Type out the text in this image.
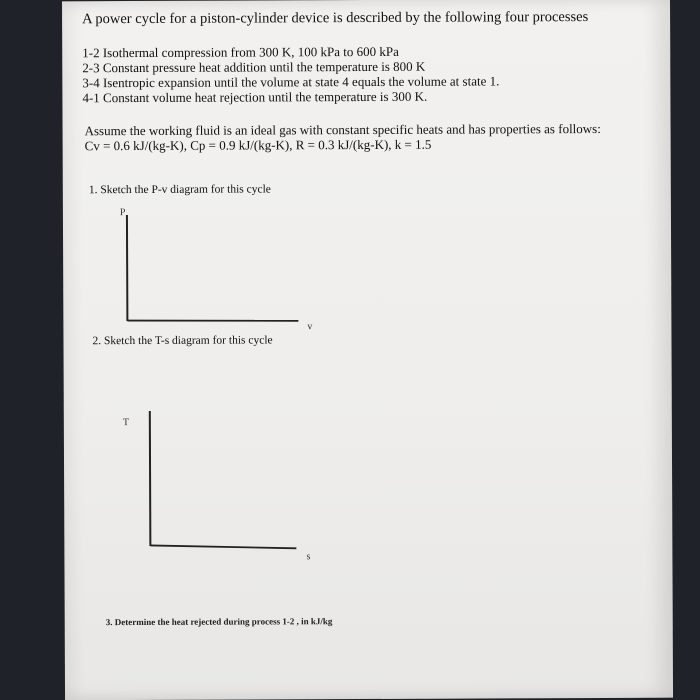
A power cycle for a piston-cylinder device is described by the following four processes
1-2 Isothermal compression from 300 K, 100 kPa to 600 kPa
2-3 Constant pressure heat addition until the temperature is 800 K
3-4 Isentropic expansion until the volume at state 4 equals the volume at state 1.
4-1 Constant volume heat rejection until the temperature is 300 K.
Assume the working fluid is an ideal gas with constant specific heats and has properties as follows:
Cv = 0.6 kJ/(kg-K), Cp = 0.9 kJ/(kg-K), R = 0.3 kJ/(kg-K), k = 1.5
1. Sketch the P-v diagram for this cycle
P
v
2. Sketch the T-s diagram for this cycle
T
s
3. Determine the heat rejected during process 1-2 , in kJ/kg
